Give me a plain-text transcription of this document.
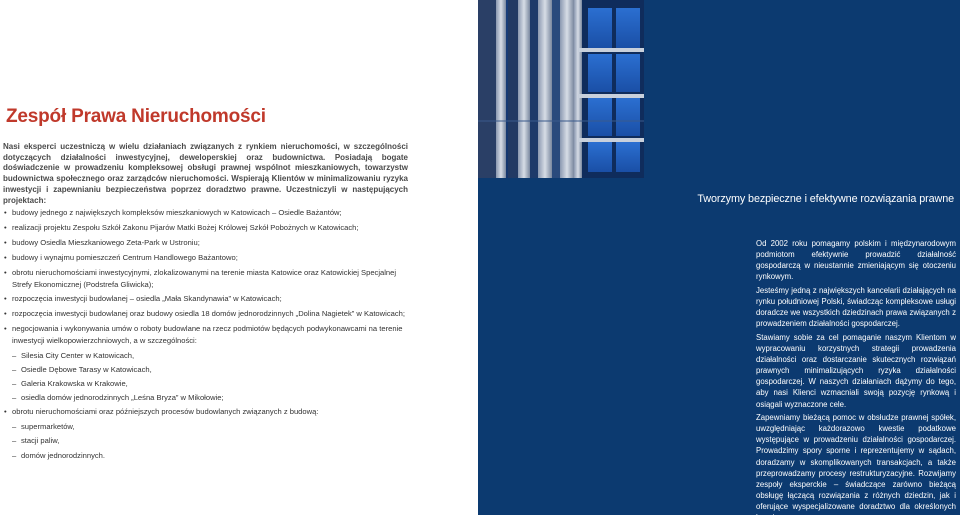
Zespół Prawa Nieruchomości

Nasi eksperci uczestniczą w wielu działaniach związanych z rynkiem nieruchomości, w szczególności dotyczących działalności inwestycyjnej, deweloperskiej oraz budownictwa. Posiadają bogate doświadczenie w prowadzeniu kompleksowej obsługi prawnej wspólnot mieszkaniowych, towarzystw budownictwa społecznego oraz zarządców nieruchomości. Wspierają Klientów w minimalizowaniu ryzyka inwestycji i zapewnianiu bezpieczeństwa poprzez doradztwo prawne. Uczestniczyli w następujących projektach:

• budowy jednego z największych kompleksów mieszkaniowych w Katowicach – Osiedle Bażantów;
• realizacji projektu Zespołu Szkół Zakonu Pijarów Matki Bożej Królowej Szkół Pobożnych w Katowicach;
• budowy Osiedla Mieszkaniowego Zeta-Park w Ustroniu;
• budowy i wynajmu pomieszczeń Centrum Handlowego Bażantowo;
• obrotu nieruchomościami inwestycyjnymi, zlokalizowanymi na terenie miasta Katowice oraz Katowickiej Specjalnej Strefy Ekonomicznej (Podstrefa Gliwicka);
• rozpoczęcia inwestycji budowlanej – osiedla „Mała Skandynawia” w Katowicach;
• rozpoczęcia inwestycji budowlanej oraz budowy osiedla 18 domów jednorodzinnych „Dolina Nagietek” w Katowicach;
• negocjowania i wykonywania umów o roboty budowlane na rzecz podmiotów będących podwykonawcami na terenie inwestycji wielkopowierzchniowych, a w szczególności:
– Silesia City Center w Katowicach,
– Osiedle Dębowe Tarasy w Katowicach,
– Galeria Krakowska w Krakowie,
– osiedla domów jednorodzinnych „Leśna Bryza” w Mikołowie;
• obrotu nieruchomościami oraz późniejszych procesów budowlanych związanych z budową:
– supermarketów,
– stacji paliw,
– domów jednorodzinnych.
Tworzymy bezpieczne i efektywne rozwiązania prawne

Od 2002 roku pomagamy polskim i międzynarodowym podmiotom efektywnie prowadzić działalność gospodarczą w nieustannie zmieniającym się otoczeniu rynkowym.

Jesteśmy jedną z największych kancelarii działających na rynku południowej Polski, świadcząc kompleksowe usługi doradcze we wszystkich dziedzinach prawa związanych z prowadzeniem działalności gospodarczej.

Stawiamy sobie za cel pomaganie naszym Klientom w wypracowaniu korzystnych strategii prowadzenia działalności oraz dostarczanie skutecznych rozwiązań prawnych minimalizujących ryzyka działalności gospodarczej. W naszych działaniach dążymy do tego, aby nasi Klienci wzmacniali swoją pozycję rynkową i osiągali wyznaczone cele.

Zapewniamy bieżącą pomoc w obsłudze prawnej spółek, uwzględniając każdorazowo kwestie podatkowe występujące w prowadzeniu działalności gospodarczej. Prowadzimy spory sporne i reprezentujemy w sądach, doradzamy w skomplikowanych transakcjach, a także przeprowadzamy procesy restrukturyzacyjne. Rozwijamy zespoły eksperckie – świadczące zarówno bieżącą obsługę łączącą rozwiązania z różnych dziedzin, jak i oferujące wyspecjalizowane doradztwo dla określonych branż.
